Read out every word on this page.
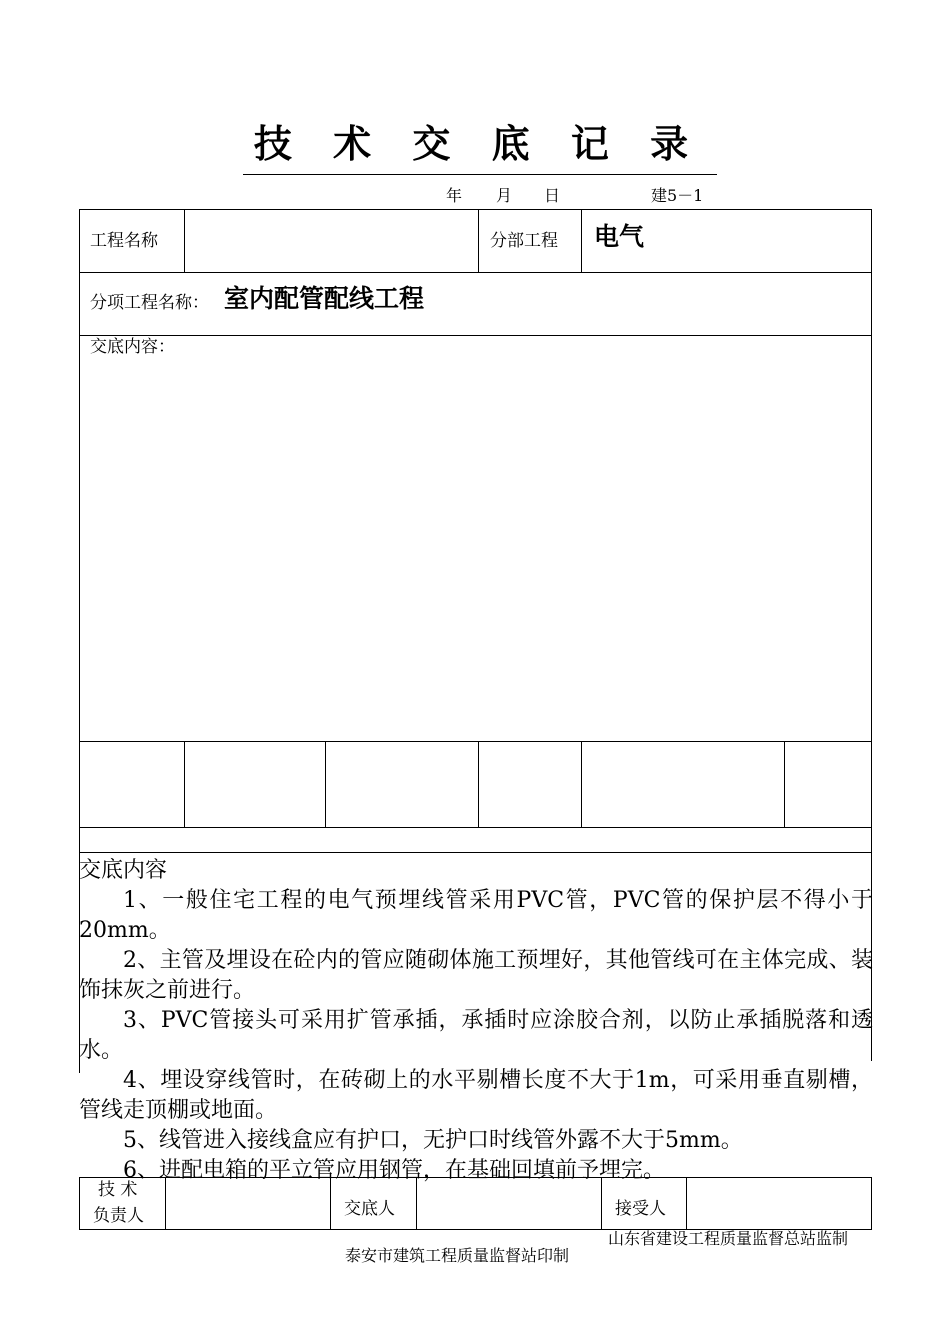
技 术 交 底 记 录
年 月 日	建5－1
工程名称	分部工程 电气
分项工程名称： 室内配管配线工程
交底内容：

交底内容

1、一般住宅工程的电气预埋线管采用PVC管，PVC管的保护层不得小于20mm。

2、主管及埋设在砼内的管应随砌体施工预埋好，其他管线可在主体完成、装饰抹灰之前进行。

3、PVC管接头可采用扩管承插，承插时应涂胶合剂，以防止承插脱落和透水。

4、埋设穿线管时，在砖砌上的水平剔槽长度不大于1m，可采用垂直剔槽，管线走顶棚或地面。

5、线管进入接线盒应有护口，无护口时线管外露不大于5mm。

6、进配电箱的平立管应用钢管，在基础回填前予埋完。

技 术
负责人	交底人	接受人
山东省建设工程质量监督总站监制
泰安市建筑工程质量监督站印制
